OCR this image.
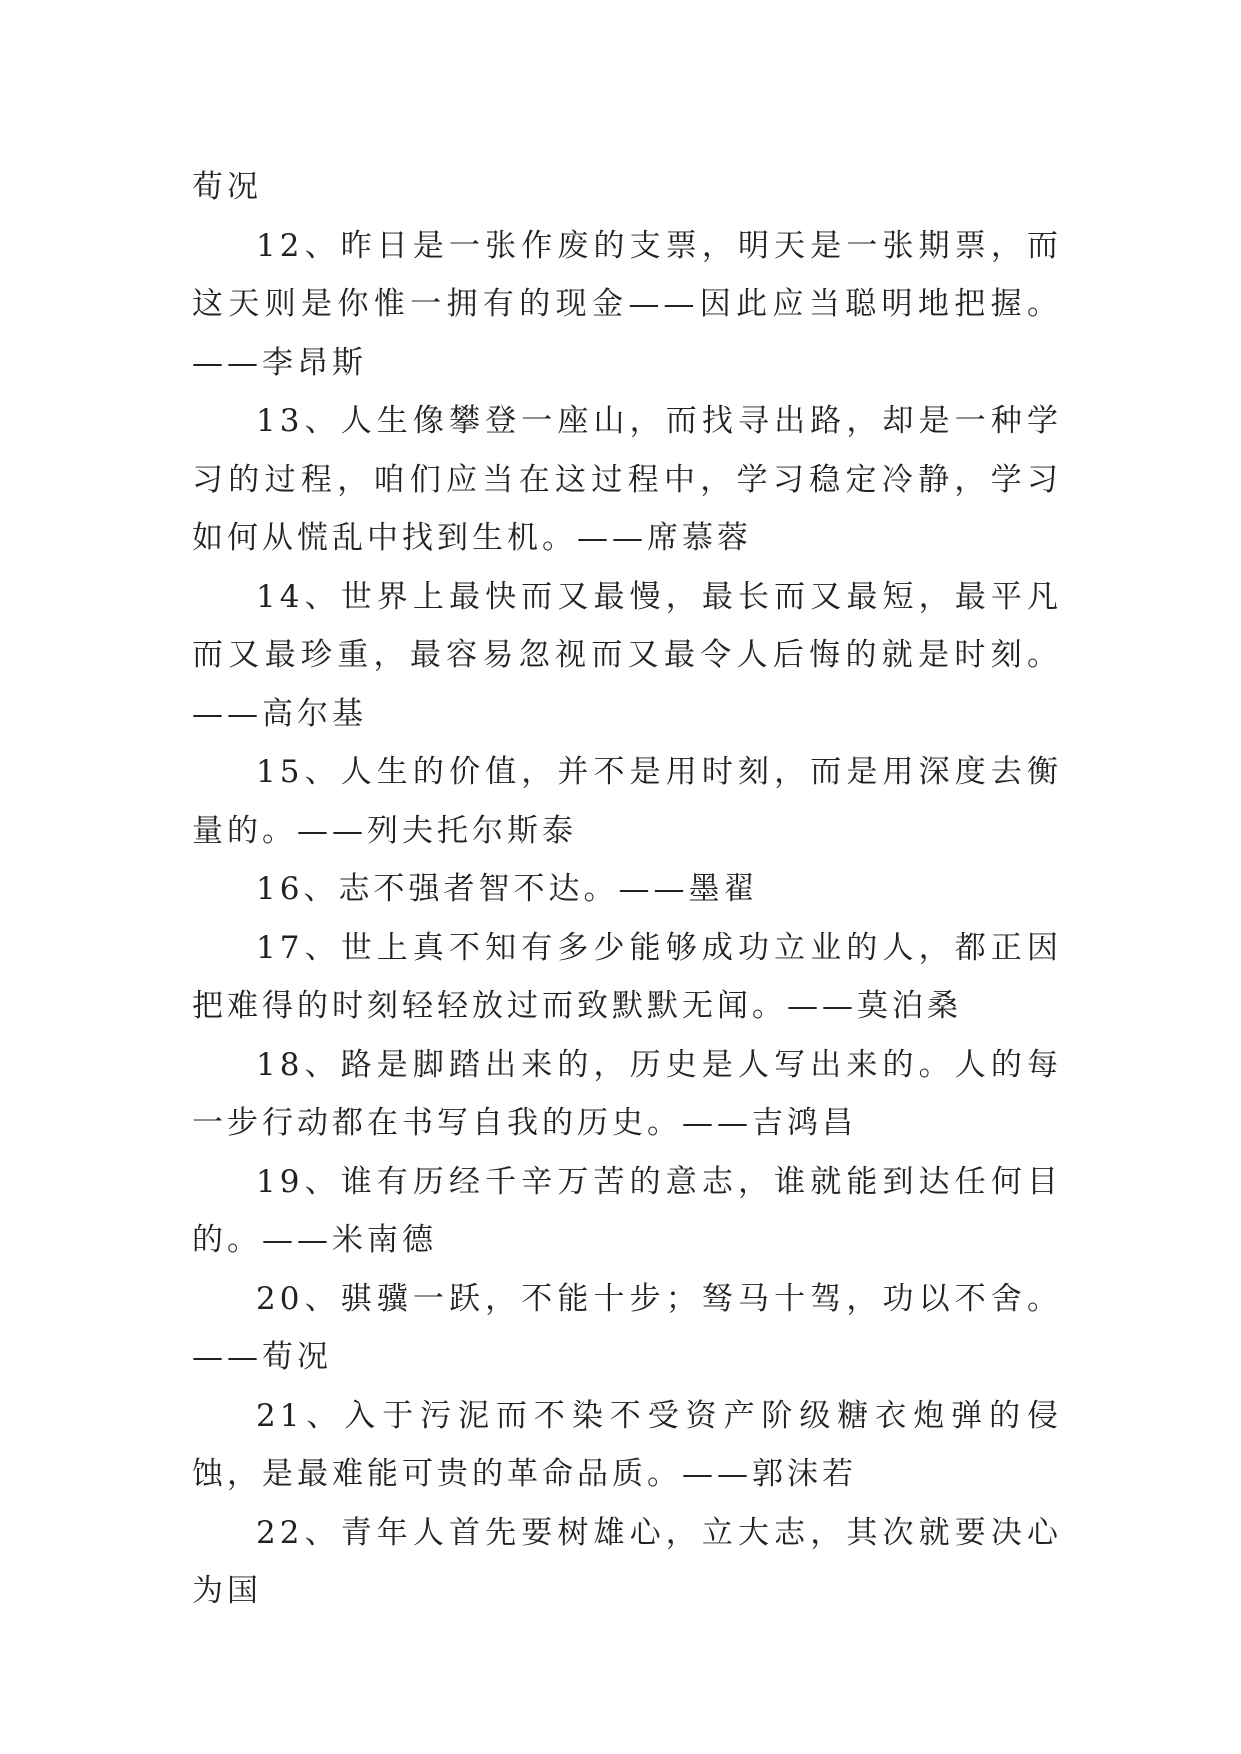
荀况

12、昨日是一张作废的支票，明天是一张期票，而这天则是你惟一拥有的现金——因此应当聪明地把握。——李昂斯

13、人生像攀登一座山，而找寻出路，却是一种学习的过程，咱们应当在这过程中，学习稳定冷静，学习如何从慌乱中找到生机。——席慕蓉

14、世界上最快而又最慢，最长而又最短，最平凡而又最珍重，最容易忽视而又最令人后悔的就是时刻。——高尔基

15、人生的价值，并不是用时刻，而是用深度去衡量的。——列夫托尔斯泰

16、志不强者智不达。——墨翟

17、世上真不知有多少能够成功立业的人，都正因把难得的时刻轻轻放过而致默默无闻。——莫泊桑

18、路是脚踏出来的，历史是人写出来的。人的每一步行动都在书写自我的历史。——吉鸿昌

19、谁有历经千辛万苦的意志，谁就能到达任何目的。——米南德

20、骐骥一跃，不能十步；驽马十驾，功以不舍。——荀况

21、入于污泥而不染不受资产阶级糖衣炮弹的侵蚀，是最难能可贵的革命品质。——郭沫若

22、青年人首先要树雄心，立大志，其次就要决心为国
